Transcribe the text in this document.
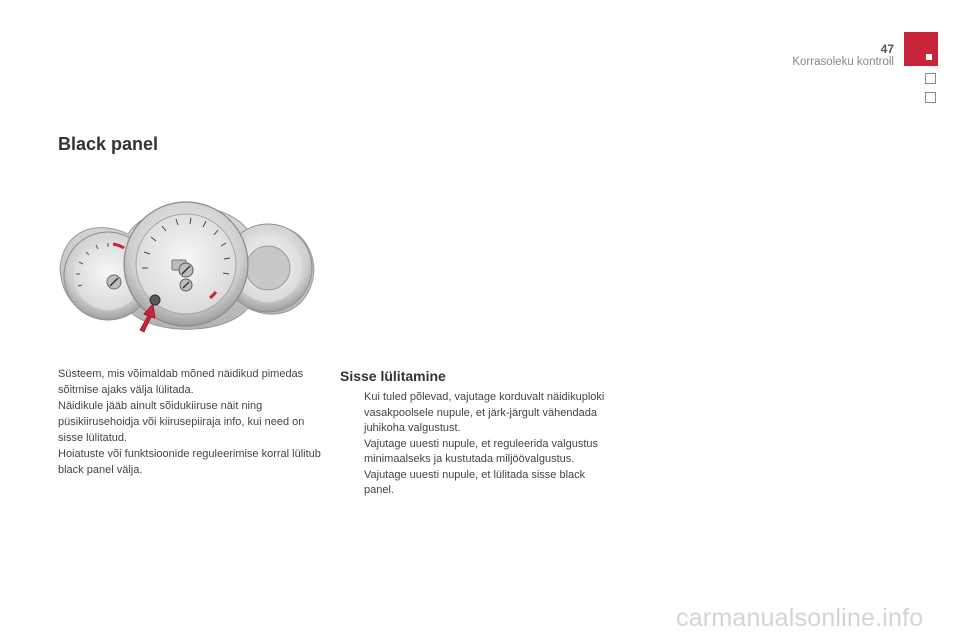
47
Korrasoleku kontroll
Black panel

Süsteem, mis võimaldab mõned näidikud pimedas sõitmise ajaks välja lülitada.

Näidikule jääb ainult sõidukiiruse näit ning püsikiirusehoidja või kiirusepiiraja info, kui need on sisse lülitatud.

Hoiatuste või funktsioonide reguleerimise korral lülitub black panel välja.

Sisse lülitamine
Kui tuled põlevad, vajutage korduvalt näidikuploki vasakpoolsele nupule, et järk-järgult vähendada juhikoha valgustust.
Vajutage uuesti nupule, et reguleerida valgustus minimaalseks ja kustutada miljöövalgustus.
Vajutage uuesti nupule, et lülitada sisse black panel.
carmanualsonline.info
